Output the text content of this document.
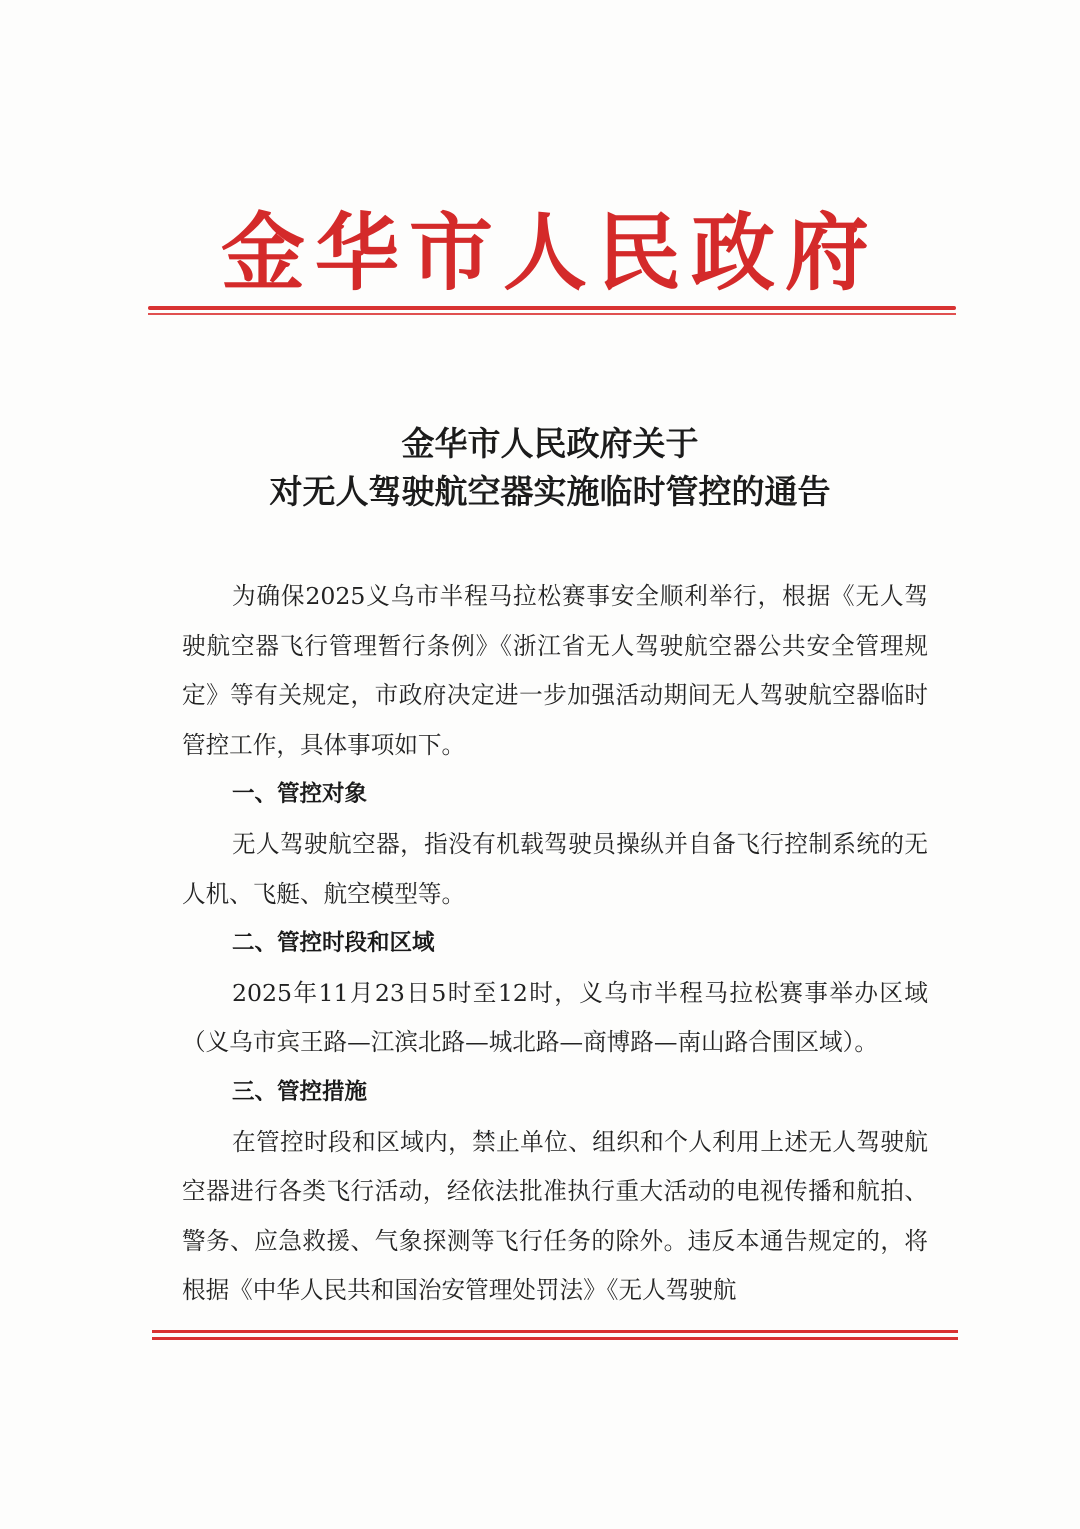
金华市人民政府
金华市人民政府关于
对无人驾驶航空器实施临时管控的通告

为确保2025义乌市半程马拉松赛事安全顺利举行，根据《无人驾驶航空器飞行管理暂行条例》《浙江省无人驾驶航空器公共安全管理规定》等有关规定，市政府决定进一步加强活动期间无人驾驶航空器临时管控工作，具体事项如下。

一、管控对象

无人驾驶航空器，指没有机载驾驶员操纵并自备飞行控制系统的无人机、飞艇、航空模型等。

二、管控时段和区域

2025年11月23日5时至12时，义乌市半程马拉松赛事举办区域（义乌市宾王路—江滨北路—城北路—商博路—南山路合围区域）。

三、管控措施

在管控时段和区域内，禁止单位、组织和个人利用上述无人驾驶航空器进行各类飞行活动，经依法批准执行重大活动的电视传播和航拍、警务、应急救援、气象探测等飞行任务的除外。违反本通告规定的，将根据《中华人民共和国治安管理处罚法》《无人驾驶航
